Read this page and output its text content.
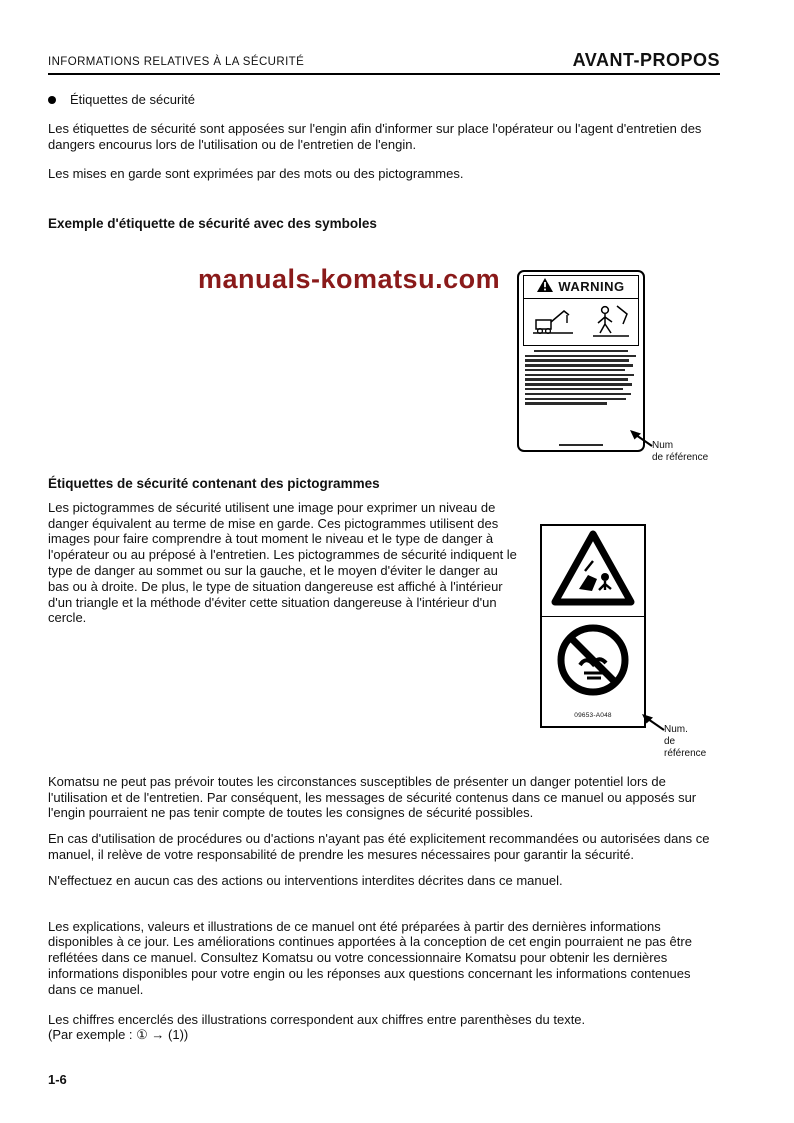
INFORMATIONS RELATIVES À LA SÉCURITÉ	AVANT-PROPOS
Étiquettes de sécurité

Les étiquettes de sécurité sont apposées sur l'engin afin d'informer sur place l'opérateur ou l'agent d'entretien des dangers encourus lors de l'utilisation ou de l'entretien de l'engin.

Les mises en garde sont exprimées par des mots ou des pictogrammes.

Exemple d'étiquette de sécurité avec des symboles
manuals-komatsu.com	WARNING
Num
de référence
Étiquettes de sécurité contenant des pictogrammes
Les pictogrammes de sécurité utilisent une image pour exprimer un niveau de danger équivalent au terme de mise en garde. Ces pictogrammes utilisent des images pour faire comprendre à tout moment le niveau et le type de danger à l'opérateur ou au préposé à l'entretien. Les pictogrammes de sécurité indiquent le type de danger au sommet ou sur la gauche, et le moyen d'éviter le danger au bas ou à droite. De plus, le type de situation dangereuse est affiché à l'intérieur d'un triangle et la méthode d'éviter cette situation dangereuse à l'intérieur d'un cercle.
09653-A048
Num.
de référence

Komatsu ne peut pas prévoir toutes les circonstances susceptibles de présenter un danger potentiel lors de l'utilisation et de l'entretien. Par conséquent, les messages de sécurité contenus dans ce manuel ou apposés sur l'engin pourraient ne pas tenir compte de toutes les consignes de sécurité possibles.

En cas d'utilisation de procédures ou d'actions n'ayant pas été explicitement recommandées ou autorisées dans ce manuel, il relève de votre responsabilité de prendre les mesures nécessaires pour garantir la sécurité.

N'effectuez en aucun cas des actions ou interventions interdites décrites dans ce manuel.

Les explications, valeurs et illustrations de ce manuel ont été préparées à partir des dernières informations disponibles à ce jour. Les améliorations continues apportées à la conception de cet engin pourraient ne pas être reflétées dans ce manuel. Consultez Komatsu ou votre concessionnaire Komatsu pour obtenir les dernières informations disponibles pour votre engin ou les réponses aux questions concernant les informations contenues dans ce manuel.

Les chiffres encerclés des illustrations correspondent aux chiffres entre parenthèses du texte.
(Par exemple : ① → (1))

1-6
